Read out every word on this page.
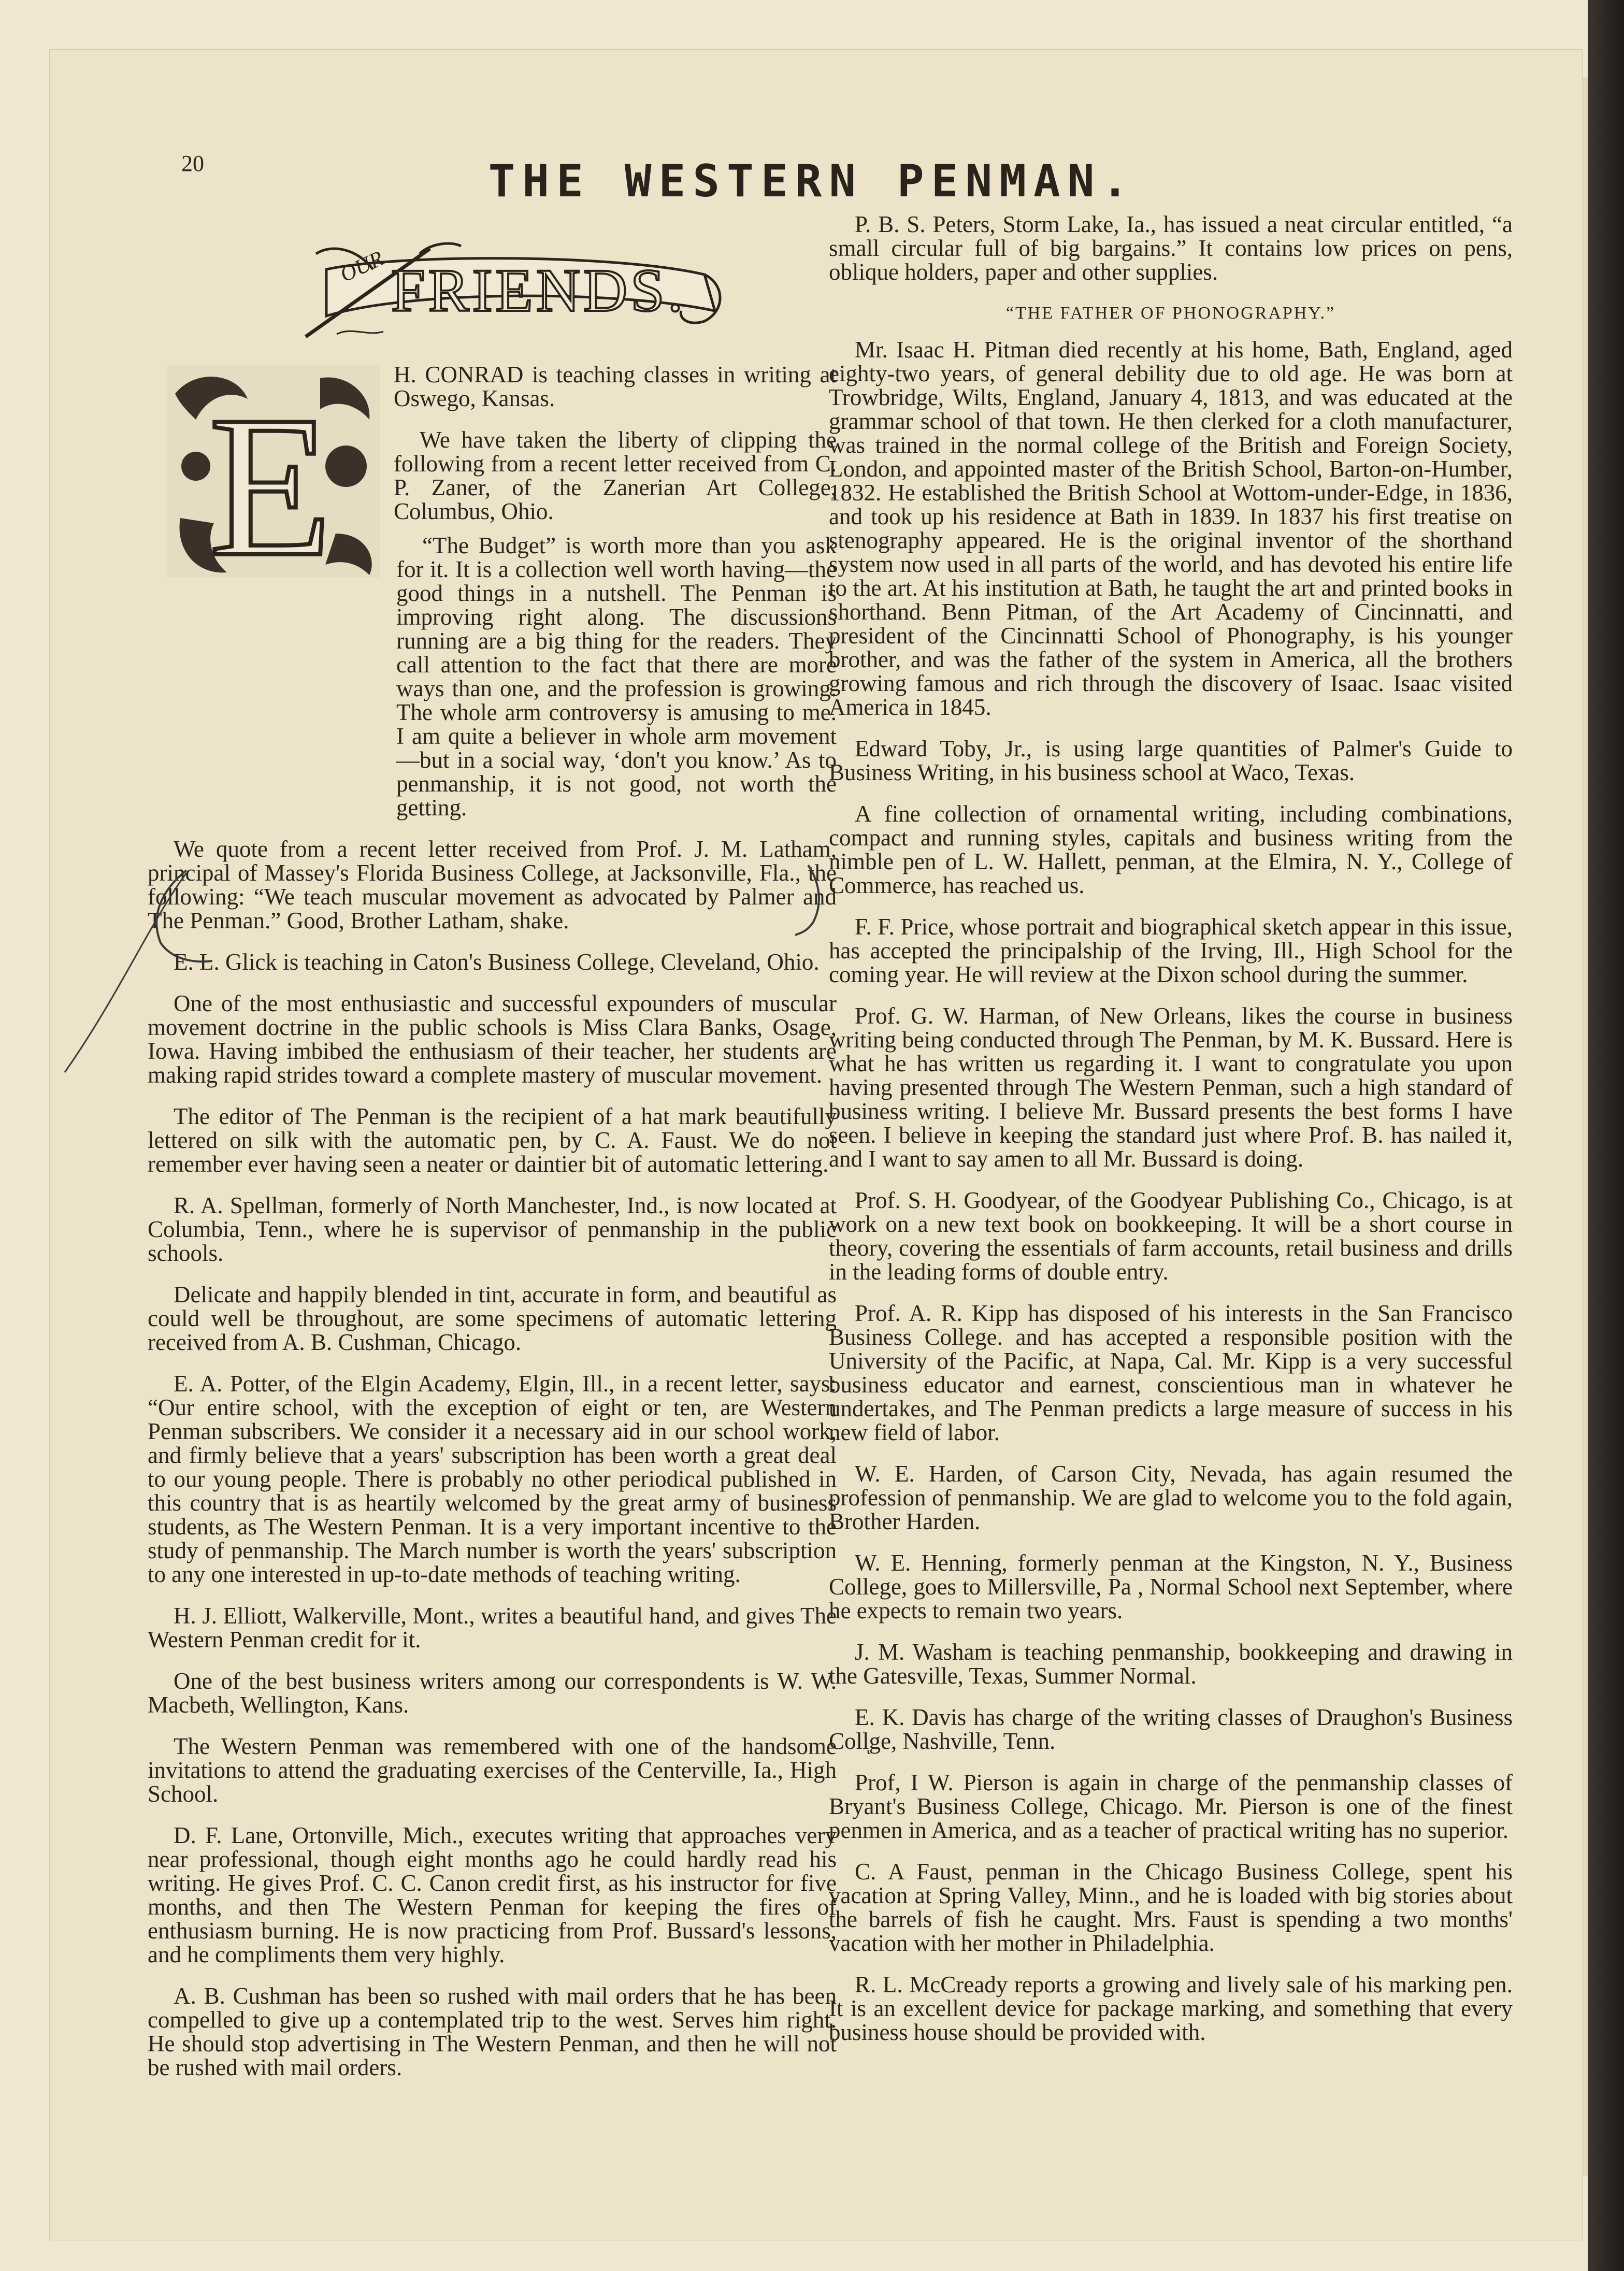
20	THE WESTERN PENMAN.
OUR FRIENDS.
E	H. CONRAD is teaching classes in writing at Oswego, Kansas.

We have taken the liberty of clipping the following from a recent letter received from C. P. Zaner, of the Zanerian Art College, Columbus, Ohio.

“The Budget” is worth more than you ask for it. It is a collection well worth having—the good things in a nutshell. The Penman is improving right along. The discussions running are a big thing for the readers. They call attention to the fact that there are more ways than one, and the profession is growing. The whole arm controversy is amusing to me. I am quite a believer in whole arm movement—but in a social way, ‘don't you know.’ As to penmanship, it is not good, not worth the getting.

We quote from a recent letter received from Prof. J. M. Latham, principal of Massey's Florida Business College, at Jacksonville, Fla., the following: “We teach muscular movement as advocated by Palmer and The Penman.” Good, Brother Latham, shake.

E. L. Glick is teaching in Caton's Business College, Cleveland, Ohio.

One of the most enthusiastic and successful expounders of muscular movement doctrine in the public schools is Miss Clara Banks, Osage, Iowa. Having imbibed the enthusiasm of their teacher, her students are making rapid strides toward a complete mastery of muscular movement.

The editor of The Penman is the recipient of a hat mark beautifully lettered on silk with the automatic pen, by C. A. Faust. We do not remember ever having seen a neater or daintier bit of automatic lettering.

R. A. Spellman, formerly of North Manchester, Ind., is now located at Columbia, Tenn., where he is supervisor of penmanship in the public schools.

Delicate and happily blended in tint, accurate in form, and beautiful as could well be throughout, are some specimens of automatic lettering received from A. B. Cushman, Chicago.

E. A. Potter, of the Elgin Academy, Elgin, Ill., in a recent letter, says: “Our entire school, with the exception of eight or ten, are Western Penman subscribers. We consider it a necessary aid in our school work, and firmly believe that a years' subscription has been worth a great deal to our young people. There is probably no other periodical published in this country that is as heartily welcomed by the great army of business students, as The Western Penman. It is a very important incentive to the study of penmanship. The March number is worth the years' subscription to any one interested in up-to-date methods of teaching writing.

H. J. Elliott, Walkerville, Mont., writes a beautiful hand, and gives The Western Penman credit for it.

One of the best business writers among our correspondents is W. W. Macbeth, Wellington, Kans.

The Western Penman was remembered with one of the handsome invitations to attend the graduating exercises of the Centerville, Ia., High School.

D. F. Lane, Ortonville, Mich., executes writing that approaches very near professional, though eight months ago he could hardly read his writing. He gives Prof. C. C. Canon credit first, as his instructor for five months, and then The Western Penman for keeping the fires of enthusiasm burning. He is now practicing from Prof. Bussard's lessons, and he compliments them very highly.

A. B. Cushman has been so rushed with mail orders that he has been compelled to give up a contemplated trip to the west. Serves him right. He should stop advertising in The Western Penman, and then he will not be rushed with mail orders.

P. B. S. Peters, Storm Lake, Ia., has issued a neat circular entitled, “a small circular full of big bargains.” It contains low prices on pens, oblique holders, paper and other supplies.

“THE FATHER OF PHONOGRAPHY.”

Mr. Isaac H. Pitman died recently at his home, Bath, England, aged eighty-two years, of general debility due to old age. He was born at Trowbridge, Wilts, England, January 4, 1813, and was educated at the grammar school of that town. He then clerked for a cloth manufacturer, was trained in the normal college of the British and Foreign Society, London, and appointed master of the British School, Barton-on-Humber, 1832. He established the British School at Wottom-under-Edge, in 1836, and took up his residence at Bath in 1839. In 1837 his first treatise on stenography appeared. He is the original inventor of the shorthand system now used in all parts of the world, and has devoted his entire life to the art. At his institution at Bath, he taught the art and printed books in shorthand. Benn Pitman, of the Art Academy of Cincinnatti, and president of the Cincinnatti School of Phonography, is his younger brother, and was the father of the system in America, all the brothers growing famous and rich through the discovery of Isaac. Isaac visited America in 1845.

Edward Toby, Jr., is using large quantities of Palmer's Guide to Business Writing, in his business school at Waco, Texas.

A fine collection of ornamental writing, including combinations, compact and running styles, capitals and business writing from the nimble pen of L. W. Hallett, penman, at the Elmira, N. Y., College of Commerce, has reached us.

F. F. Price, whose portrait and biographical sketch appear in this issue, has accepted the principalship of the Irving, Ill., High School for the coming year. He will review at the Dixon school during the summer.

Prof. G. W. Harman, of New Orleans, likes the course in business writing being conducted through The Penman, by M. K. Bussard. Here is what he has written us regarding it. I want to congratulate you upon having presented through The Western Penman, such a high standard of business writing. I believe Mr. Bussard presents the best forms I have seen. I believe in keeping the standard just where Prof. B. has nailed it, and I want to say amen to all Mr. Bussard is doing.

Prof. S. H. Goodyear, of the Goodyear Publishing Co., Chicago, is at work on a new text book on bookkeeping. It will be a short course in theory, covering the essentials of farm accounts, retail business and drills in the leading forms of double entry.

Prof. A. R. Kipp has disposed of his interests in the San Francisco Business College. and has accepted a responsible position with the University of the Pacific, at Napa, Cal. Mr. Kipp is a very successful business educator and earnest, conscientious man in whatever he undertakes, and The Penman predicts a large measure of success in his new field of labor.

W. E. Harden, of Carson City, Nevada, has again resumed the profession of penmanship. We are glad to welcome you to the fold again, Brother Harden.

W. E. Henning, formerly penman at the Kingston, N. Y., Business College, goes to Millersville, Pa , Normal School next September, where he expects to remain two years.

J. M. Washam is teaching penmanship, bookkeeping and drawing in the Gatesville, Texas, Summer Normal.

E. K. Davis has charge of the writing classes of Draughon's Business Collͅge, Nashville, Tenn.

Prof, I W. Pierson is again in charge of the penmanship classes of Bryant's Business College, Chicago. Mr. Pierson is one of the finest penmen in America, and as a teacher of practical writing has no superior.

C. A Faust, penman in the Chicago Business College, spent his vacation at Spring Valley, Minn., and he is loaded with big stories about the barrels of fish he caught. Mrs. Faust is spending a two months' vacation with her mother in Philadelphia.

R. L. McCready reports a growing and lively sale of his marking pen. It is an excellent device for package marking, and something that every business house should be provided with.
